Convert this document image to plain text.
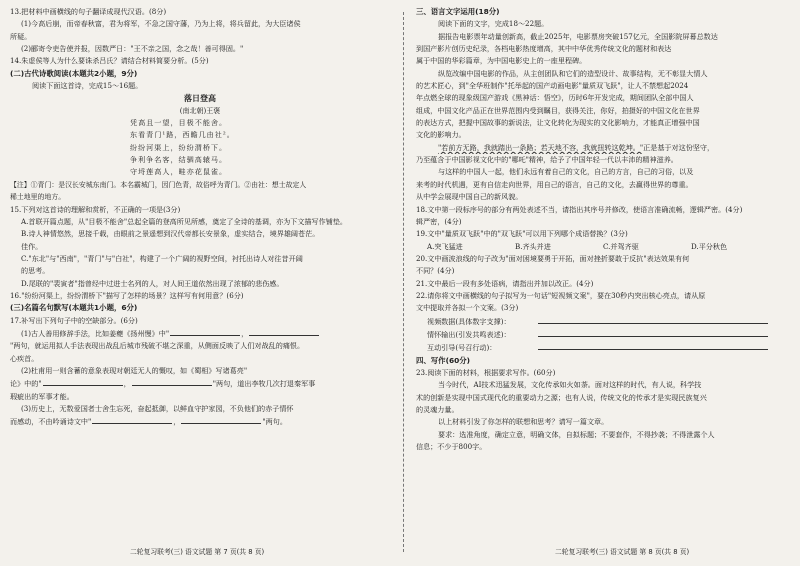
13.把材料中画横线的句子翻译成现代汉语。(8分)
(1)今高后崩，而帝春秋富，君为将军，不急之国守藩，乃为上将，将兵留此，为大臣诸侯
所疑。
(2)郦寄令吏告使并报，因数严日："王不亲之国，念之哉！善可得固。"
14.朱虚侯等人为什么要诛杀吕氏？请结合材料简要分析。(5分)
(二)古代诗歌阅读(本题共2小题，9分)
阅读下面这首诗，完成15～16题。
落日登高
(南北朝)王褒
凭高且一望，目极不能舍。
东看青门¹路，西瞻几由社²。
纷纷河渠上，纷纷渭桥下。
争利争名客，结驷高辕马。
守埒莲高人，畦亦花鼠雀。
【注】①青门：是汉长安城东南门。本名霸城门，因门色青，故俗呼为青门。②由社：想士故定人
稀土地里的地方。
15.下列对这首诗的理解和赏析，不正确的一项是(3分)
A.首联开篇点题，从"目极不能舍"总起全篇的登高所见所感，奠定了全诗的基调，亦为下文描写作铺垫。
B.诗人神情悠然，思接千载，由眼前之景遥想到汉代帝都长安景象，虚实结合，境界雄阔苍茫。
佳作。
C."东北"与"西南"，"青门"与"白社"，构建了一个广阔的视野空间，衬托出诗人对往昔开阔
的思考。
D.尾联的"裴寅者"指曾经中过进士名列的人，对人间王道依然出现了浓郁的悲伤感。
16."纷纷河渠上，纷纷渭桥下"描写了怎样的场景？这样写有何用意？(6分)
(三)名篇名句默写(本题共1小题，6分)
17.补写出下列句子中的空缺部分。(6分)
(1)古人善用修辞手法，比如姜夔《扬州慢》中"	，
"两句，就运用拟人手法表现出战乱后城市残破不堪之深重，从侧面反映了人们对战乱的痛恨。
心疾首。
(2)杜甫用一则含蓄的意象表现对朝廷无人的慨叹，如《蜀相》写诸葛亮"
论》中的"	，	"两句，道出李牧几次打退秦军事
瑕疵出的军事才能。
(3)历史上，无数爱国者士舍生忘死，奋起抵御，以鲜血守护家园，不负他们的赤子情怀
而感动，不由吟诵诗文中"	，	"两句。
三、语言文字运用(18分)
阅读下面的文字，完成18～22题。
据报告电影票年动量创新高，截止2025年，电影票房突破157亿元，全国影院屏幕总数达
到国产影片创历史纪录，各档电影热度增高，其中中华优秀传统文化的题材和表达
属于中国的华彩篇章，为中国电影史上的一座里程碑。
纵览改编中国电影的作品，从主创团队和它们的造型设计、故事结构，无不彰显大情人
的艺术匠心，到"全华班制作"托举起的国产动画电影"量质双飞跃"，让人不禁想起2024
年点燃全球的现象级国产游戏《黑神话：悟空》，历时6年开发完成，期间团队全部中国人
组成，中国文化产品正在世界范围内受到瞩目，获得关注，你好，拍摄好的中国文化在世界
的表达方式，把握中国故事的新说法，让文化转化为现实的文化影响力，才能真正增强中国
文化的影响力。
"若前方无路，我就踏出一条路；若天地不容，我就扭转这乾坤。"正是基于对这份坚守，
乃至蕴含于中国影视文化中的"哪吒"精神，给予了中国年轻一代以丰沛的精神滋养。
与这样的中国人一起，他们永远有着自己的文化，自己的方言，自己的习俗，以及
来考的时代机遇，更有自信走向世界，用自己的语言，自己的文化，去赢得世界的尊重。
从中学会展现中国自己的新风貌。
18.文中第一段标序号的部分有两处表述不当，请指出其序号并修改，使语言准确流畅，逻辑严密。(4分)
辑严密，(4分)
19.文中"量质双飞跃"中的"双飞跃"可以用下列哪个成语替换？(3分)
A.突飞猛进	B.齐头并进	C.并驾齐驱	D.平分秋色
20.文中画波浪线的句子改为"面对困境要勇于开拓，面对挫折要敢于反抗"表达效果有何
不同？(4分)
21.文中最后一段有多处语病，请指出并加以改正。(4分)
22.请你将文中画横线的句子拟写为一句话"短视频文案"，要在30秒内突出核心亮点，请从原
文中提取并各拟一个文案。(3分)
视频数据(具体数字支撑)：
情怀输出(引发共鸣表述)：
互动引导(号召行动)：
四、写作(60分)
23.阅读下面的材料，根据要求写作。(60分)
当今时代，AI技术迅猛发展，文化传承如火如荼。面对这样的时代，有人说，科学技
术的创新是实现中国式现代化的重要动力之源；也有人说，传统文化的传承才是实现民族复兴
的灵魂力量。
以上材料引发了你怎样的联想和思考？请写一篇文章。
要求：选准角度，确定立意，明确文体，自拟标题；不要套作，不得抄袭；不得泄露个人
信息；不少于800字。
二轮复习联考(三) 语文试题 第 7 页(共 8 页)	二轮复习联考(三) 语文试题 第 8 页(共 8 页)
